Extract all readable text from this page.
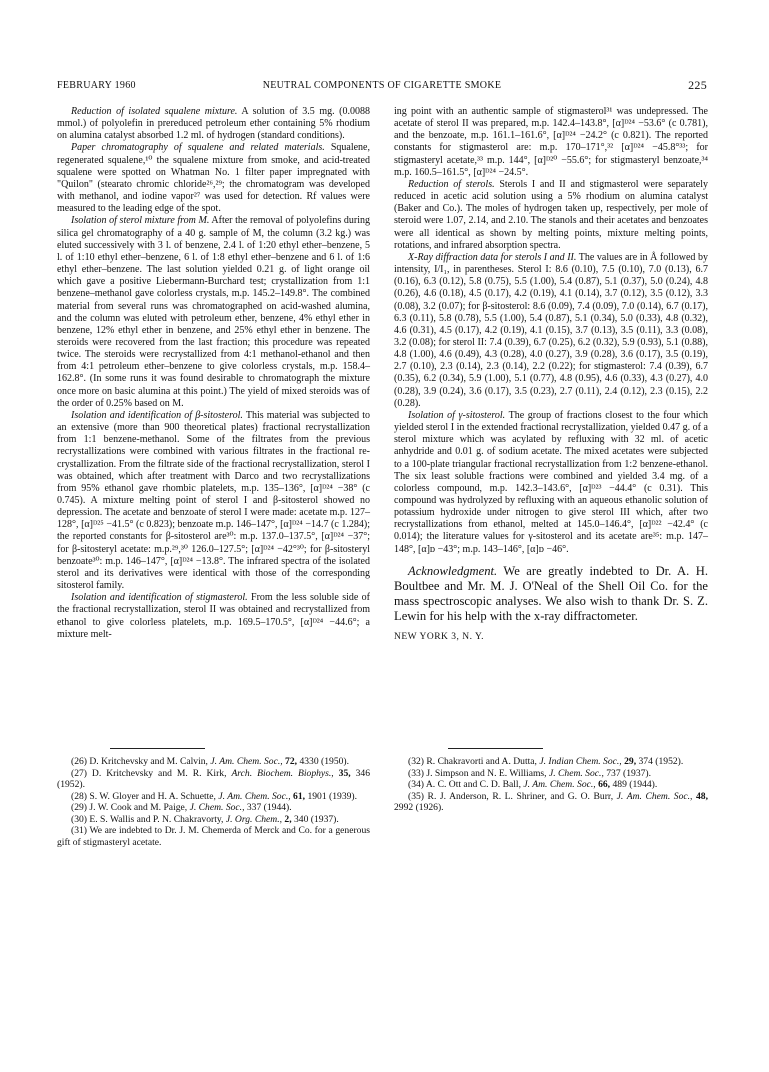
FEBRUARY 1960	NEUTRAL COMPONENTS OF CIGARETTE SMOKE	225

Reduction of isolated squalene mixture. A solution of 3.5 mg. (0.0088 mmol.) of polyolefin in prereduced petroleum ether containing 5% rhodium on alumina catalyst absorbed 1.2 ml. of hydrogen (standard conditions).

Paper chromatography of squalene and related materials. Squalene, regenerated squalene,¹⁰ the squalene mixture from smoke, and acid-treated squalene were spotted on Whatman No. 1 filter paper impregnated with "Quilon" (stearato chromic chloride²⁶,²⁹; the chromatogram was developed with methanol, and iodine vapor²⁷ was used for detection. Rf values were measured to the leading edge of the spot.

Isolation of sterol mixture from M. After the removal of polyolefins during silica gel chromatography of a 40 g. sample of M, the column (3.2 kg.) was eluted successively with 3 l. of benzene, 2.4 l. of 1:20 ethyl ether–benzene, 5 l. of 1:10 ethyl ether–benzene, 6 l. of 1:8 ethyl ether–benzene and 6 l. of 1:6 ethyl ether–benzene. The last solution yielded 0.21 g. of light orange oil which gave a positive Liebermann-Burchard test; crystallization from 1:1 benzene–methanol gave colorless crystals, m.p. 145.2–149.8°. The combined material from several runs was chromatographed on acid-washed alumina, and the column was eluted with petroleum ether, benzene, 4% ethyl ether in benzene, 12% ethyl ether in benzene, and 25% ethyl ether in benzene. The steroids were recovered from the last fraction; this procedure was repeated twice. The steroids were recrystallized from 4:1 methanol-ethanol and then from 4:1 petroleum ether–benzene to give colorless crystals, m.p. 158.4–162.8°. (In some runs it was found desirable to chromatograph the mixture once more on basic alumina at this point.) The yield of mixed steroids was of the order of 0.25% based on M.

Isolation and identification of β-sitosterol. This material was subjected to an extensive (more than 900 theoretical plates) fractional recrystallization from 1:1 benzene-methanol. Some of the filtrates from the previous recrystallizations were combined with various filtrates in the fractional re-crystallization. From the filtrate side of the fractional recrystallization, sterol I was obtained, which after treatment with Darco and two recrystallizations from 95% ethanol gave rhombic platelets, m.p. 135–136°, [α]ᴰ²⁴ −38° (c 0.745). A mixture melting point of sterol I and β-sitosterol showed no depression. The acetate and benzoate of sterol I were made: acetate m.p. 127–128°, [α]ᴰ²⁵ −41.5° (c 0.823); benzoate m.p. 146–147°, [α]ᴰ²⁴ −14.7 (c 1.284); the reported constants for β-sitosterol are³⁰: m.p. 137.0–137.5°, [α]ᴰ²⁴ −37°; for β-sitosteryl acetate: m.p.²⁹,³⁰ 126.0–127.5°; [α]ᴰ²⁴ −42°³⁰; for β-sitosteryl benzoate³⁰: m.p. 146–147°, [α]ᴰ²⁴ −13.8°. The infrared spectra of the isolated sterol and its derivatives were identical with those of the corresponding sitosterol family.

Isolation and identification of stigmasterol. From the less soluble side of the fractional recrystallization, sterol II was obtained and recrystallized from ethanol to give colorless platelets, m.p. 169.5–170.5°, [α]ᴰ²⁴ −44.6°; a mixture melt-

ing point with an authentic sample of stigmasterol³¹ was undepressed. The acetate of sterol II was prepared, m.p. 142.4–143.8°, [α]ᴰ²⁴ −53.6° (c 0.781), and the benzoate, m.p. 161.1–161.6°, [α]ᴰ²⁴ −24.2° (c 0.821). The reported constants for stigmasterol are: m.p. 170–171°,³² [α]ᴰ²⁴ −45.8°³³; for stigmasteryl acetate,³³ m.p. 144°, [α]ᴰ²⁰ −55.6°; for stigmasteryl benzoate,³⁴ m.p. 160.5–161.5°, [α]ᴰ²⁴ −24.5°.

Reduction of sterols. Sterols I and II and stigmasterol were separately reduced in acetic acid solution using a 5% rhodium on alumina catalyst (Baker and Co.). The moles of hydrogen taken up, respectively, per mole of steroid were 1.07, 2.14, and 2.10. The stanols and their acetates and benzoates were all identical as shown by melting points, mixture melting points, rotations, and infrared absorption spectra.

X-Ray diffraction data for sterols I and II. The values are in Å followed by intensity, I/I₁, in parentheses. Sterol I: 8.6 (0.10), 7.5 (0.10), 7.0 (0.13), 6.7 (0.16), 6.3 (0.12), 5.8 (0.75), 5.5 (1.00), 5.4 (0.87), 5.1 (0.37), 5.0 (0.24), 4.8 (0.26), 4.6 (0.18), 4.5 (0.17), 4.2 (0.19), 4.1 (0.14), 3.7 (0.12), 3.5 (0.12), 3.3 (0.08), 3.2 (0.07); for β-sitosterol: 8.6 (0.09), 7.4 (0.09), 7.0 (0.14), 6.7 (0.17), 6.3 (0.11), 5.8 (0.78), 5.5 (1.00), 5.4 (0.87), 5.1 (0.34), 5.0 (0.33), 4.8 (0.32), 4.6 (0.31), 4.5 (0.17), 4.2 (0.19), 4.1 (0.15), 3.7 (0.13), 3.5 (0.11), 3.3 (0.08), 3.2 (0.08); for sterol II: 7.4 (0.39), 6.7 (0.25), 6.2 (0.32), 5.9 (0.93), 5.1 (0.88), 4.8 (1.00), 4.6 (0.49), 4.3 (0.28), 4.0 (0.27), 3.9 (0.28), 3.6 (0.17), 3.5 (0.19), 2.7 (0.10), 2.3 (0.14), 2.3 (0.14), 2.2 (0.22); for stigmasterol: 7.4 (0.39), 6.7 (0.35), 6.2 (0.34), 5.9 (1.00), 5.1 (0.77), 4.8 (0.95), 4.6 (0.33), 4.3 (0.27), 4.0 (0.28), 3.9 (0.24), 3.6 (0.17), 3.5 (0.23), 2.7 (0.11), 2.4 (0.12), 2.3 (0.15), 2.2 (0.28).

Isolation of γ-sitosterol. The group of fractions closest to the four which yielded sterol I in the extended fractional recrystallization, yielded 0.47 g. of a sterol mixture which was acylated by refluxing with 32 ml. of acetic anhydride and 0.01 g. of sodium acetate. The mixed acetates were subjected to a 100-plate triangular fractional recrystallization from 1:2 benzene-ethanol. The six least soluble fractions were combined and yielded 3.4 mg. of a colorless compound, m.p. 142.3–143.6°, [α]ᴰ²³ −44.4° (c 0.31). This compound was hydrolyzed by refluxing with an aqueous ethanolic solution of potassium hydroxide under nitrogen to give sterol III which, after two recrystallizations from ethanol, melted at 145.0–146.4°, [α]ᴰ²² −42.4° (c 0.014); the literature values for γ-sitosterol and its acetate are³⁵: m.p. 147–148°, [α]ᴅ −43°; m.p. 143–146°, [α]ᴅ −46°.

Acknowledgment. We are greatly indebted to Dr. A. H. Boultbee and Mr. M. J. O'Neal of the Shell Oil Co. for the mass spectroscopic analyses. We also wish to thank Dr. S. Z. Lewin for his help with the x-ray diffractometer.

NEW YORK 3, N. Y.

(26) D. Kritchevsky and M. Calvin, J. Am. Chem. Soc., 72, 4330 (1950).

(27) D. Kritchevsky and M. R. Kirk, Arch. Biochem. Biophys., 35, 346 (1952).

(28) S. W. Gloyer and H. A. Schuette, J. Am. Chem. Soc., 61, 1901 (1939).

(29) J. W. Cook and M. Paige, J. Chem. Soc., 337 (1944).

(30) E. S. Wallis and P. N. Chakravorty, J. Org. Chem., 2, 340 (1937).

(31) We are indebted to Dr. J. M. Chemerda of Merck and Co. for a generous gift of stigmasteryl acetate.

(32) R. Chakravorti and A. Dutta, J. Indian Chem. Soc., 29, 374 (1952).

(33) J. Simpson and N. E. Williams, J. Chem. Soc., 737 (1937).

(34) A. C. Ott and C. D. Ball, J. Am. Chem. Soc., 66, 489 (1944).

(35) R. J. Anderson, R. L. Shriner, and G. O. Burr, J. Am. Chem. Soc., 48, 2992 (1926).
